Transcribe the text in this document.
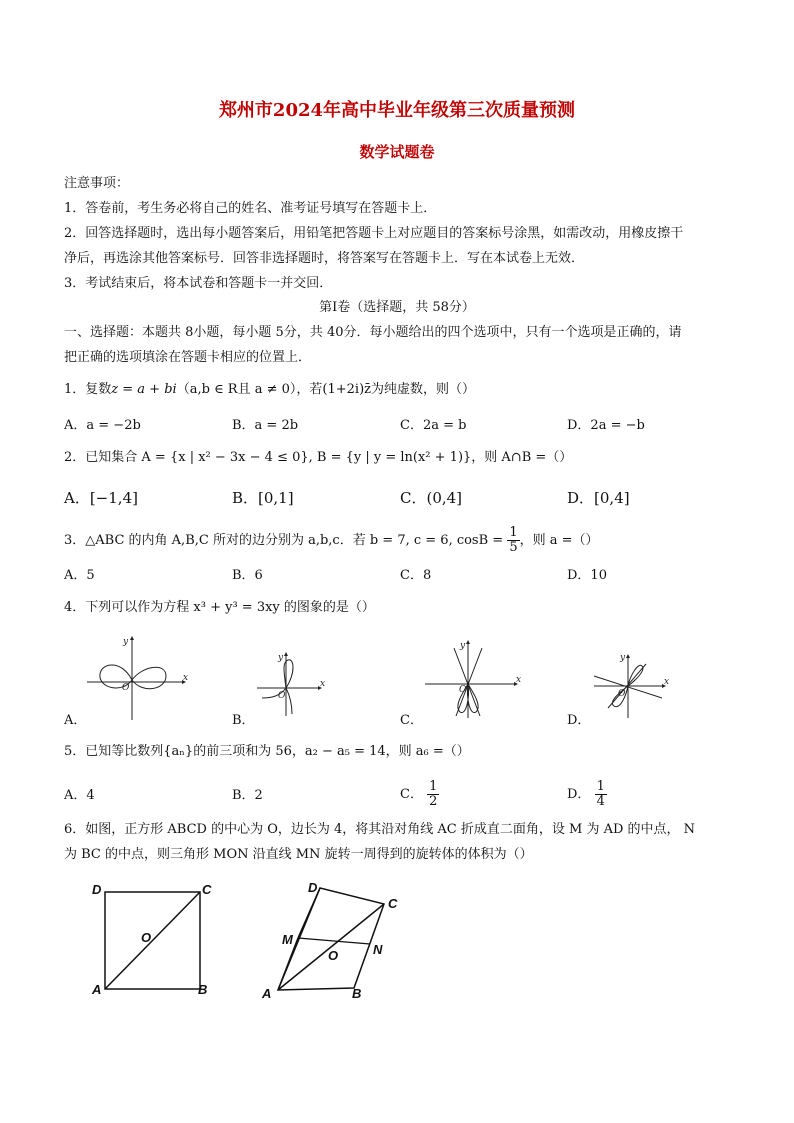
郑州市2024年高中毕业年级第三次质量预测
数学试题卷
注意事项：
1．答卷前，考生务必将自己的姓名、准考证号填写在答题卡上．
2．回答选择题时，选出每小题答案后，用铅笔把答题卡上对应题目的答案标号涂黑，如需改动，用橡皮擦干
净后，再选涂其他答案标号．回答非选择题时，将答案写在答题卡上．写在本试卷上无效．
3．考试结束后，将本试卷和答题卡一并交回．
第Ⅰ卷（选择题，共 58分）
一、选择题：本题共 8小题，每小题 5分，共 40分．每小题给出的四个选项中，只有一个选项是正确的，请
把正确的选项填涂在答题卡相应的位置上．
1．复数z = a + bi（a,b ∈ R且 a ≠ 0），若(1+2i)z̄为纯虚数，则（）
A．a = −2b	B．a = 2b	C．2a = b	D．2a = −b
2．已知集合 A = {x | x² − 3x − 4 ≤ 0}, B = {y | y = ln(x² + 1)}，则 A∩B =（）
A．[−1,4]	B．[0,1]	C．(0,4]	D．[0,4]
3．△ABC 的内角 A,B,C 所对的边分别为 a,b,c．若 b = 7, c = 6, $\cos B = \frac{1}{5}$ ，则 a =（）
A．5	B．6	C．8	D．10
4．下列可以作为方程 x³ + y³ = 3xy 的图象的是（）
x
y
O	x
y
O
x
y
O
x
y
O
A．	B．	C．	D．
5．已知等比数列{aₙ}的前三项和为 56，a₂ − a₅ = 14，则 a₆ =（）
A．4	B．2	C． $\frac{1}{2}$	D． $\frac{1}{4}$
6．如图，正方形 ABCD 的中心为 O，边长为 4，将其沿对角线 AC 折成直二面角，设 M 为 AD 的中点， N
为 BC 的中点，则三角形 MON 沿直线 MN 旋转一周得到的旋转体的体积为（）
D	C
O
A	B
D
C
M
O	N
A	B
